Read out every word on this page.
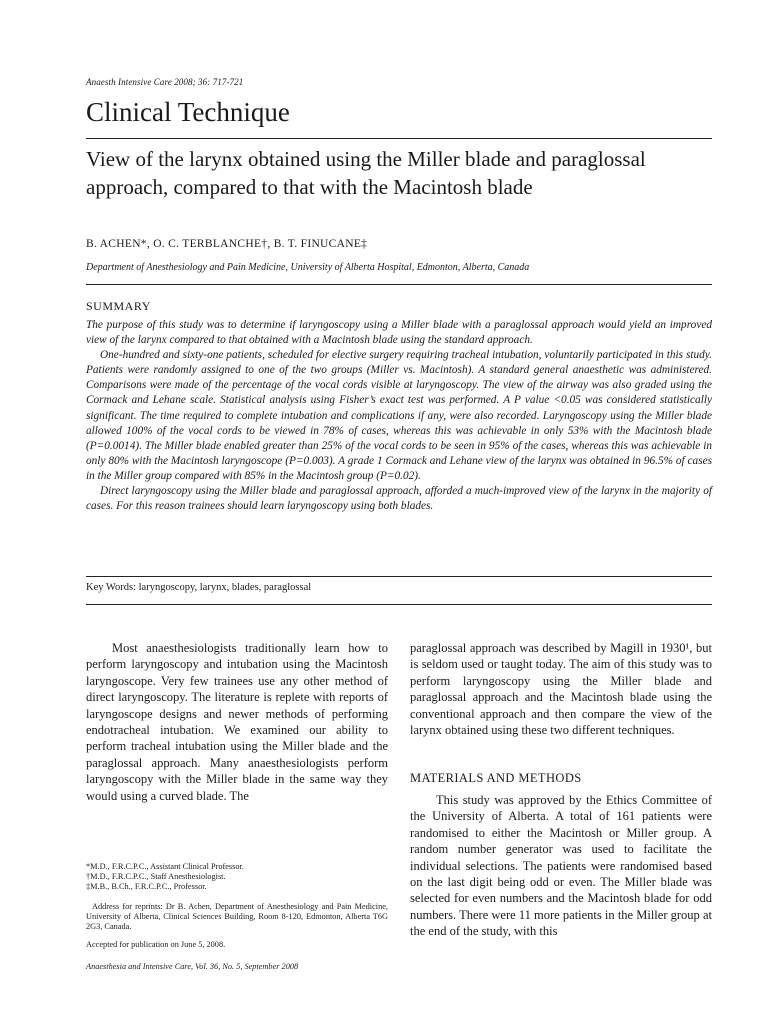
Anaesth Intensive Care 2008; 36: 717-721
Clinical Technique
View of the larynx obtained using the Miller blade and paraglossal approach, compared to that with the Macintosh blade
B. ACHEN*, O. C. TERBLANCHE†, B. T. FINUCANE‡
Department of Anesthesiology and Pain Medicine, University of Alberta Hospital, Edmonton, Alberta, Canada
SUMMARY

The purpose of this study was to determine if laryngoscopy using a Miller blade with a paraglossal approach would yield an improved view of the larynx compared to that obtained with a Macintosh blade using the standard approach.

One-hundred and sixty-one patients, scheduled for elective surgery requiring tracheal intubation, voluntarily participated in this study. Patients were randomly assigned to one of the two groups (Miller vs. Macintosh). A standard general anaesthetic was administered. Comparisons were made of the percentage of the vocal cords visible at laryngoscopy. The view of the airway was also graded using the Cormack and Lehane scale. Statistical analysis using Fisher’s exact test was performed. A P value <0.05 was considered statistically significant. The time required to complete intubation and complications if any, were also recorded. Laryngoscopy using the Miller blade allowed 100% of the vocal cords to be viewed in 78% of cases, whereas this was achievable in only 53% with the Macintosh blade (P=0.0014). The Miller blade enabled greater than 25% of the vocal cords to be seen in 95% of the cases, whereas this was achievable in only 80% with the Macintosh laryngoscope (P=0.003). A grade 1 Cormack and Lehane view of the larynx was obtained in 96.5% of cases in the Miller group compared with 85% in the Macintosh group (P=0.02).

Direct laryngoscopy using the Miller blade and paraglossal approach, afforded a much-improved view of the larynx in the majority of cases. For this reason trainees should learn laryngoscopy using both blades.

Key Words: laryngoscopy, larynx, blades, paraglossal

Most anaesthesiologists traditionally learn how to perform laryngoscopy and intubation using the Macintosh laryngoscope. Very few trainees use any other method of direct laryngoscopy. The literature is replete with reports of laryngoscope designs and newer methods of performing endotracheal intubation. We examined our ability to perform tracheal intubation using the Miller blade and the paraglossal approach. Many anaesthesiologists perform laryngoscopy with the Miller blade in the same way they would using a curved blade. The

paraglossal approach was described by Magill in 1930¹, but is seldom used or taught today. The aim of this study was to perform laryngoscopy using the Miller blade and paraglossal approach and the Macintosh blade using the conventional approach and then compare the view of the larynx obtained using these two different techniques.

MATERIALS AND METHODS

This study was approved by the Ethics Committee of the University of Alberta. A total of 161 patients were randomised to either the Macintosh or Miller group. A random number generator was used to facilitate the individual selections. The patients were randomised based on the last digit being odd or even. The Miller blade was selected for even numbers and the Macintosh blade for odd numbers. There were 11 more patients in the Miller group at the end of the study, with this

*M.D., F.R.C.P.C., Assistant Clinical Professor.

†M.D., F.R.C.P.C., Staff Anesthesiologist.

‡M.B., B.Ch., F.R.C.P.C., Professor.

Address for reprints: Dr B. Achen, Department of Anesthesiology and Pain Medicine, University of Alberta, Clinical Sciences Building, Room 8-120, Edmonton, Alberta T6G 2G3, Canada.

Accepted for publication on June 5, 2008.
Anaesthesia and Intensive Care, Vol. 36, No. 5, September 2008
